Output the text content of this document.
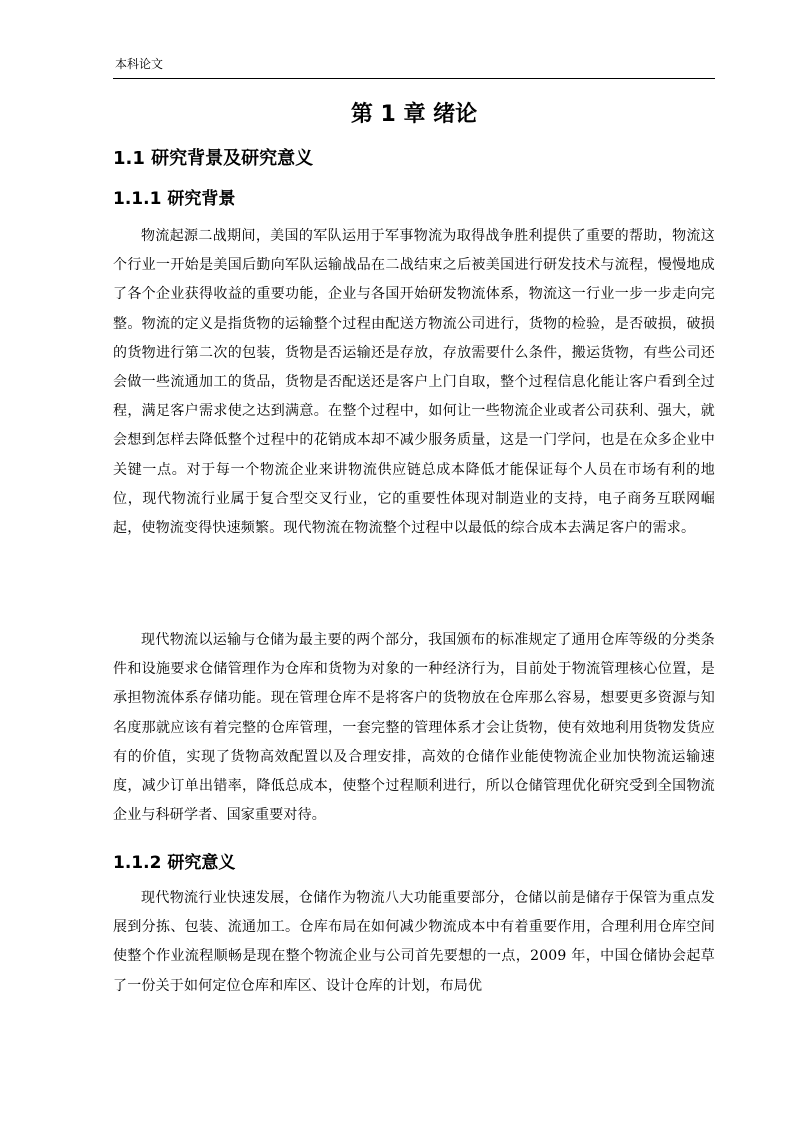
本科论文
第 1 章 绪论
1.1 研究背景及研究意义
1.1.1 研究背景

物流起源二战期间，美国的军队运用于军事物流为取得战争胜利提供了重要的帮助，物流这个行业一开始是美国后勤向军队运输战品在二战结束之后被美国进行研发技术与流程，慢慢地成了各个企业获得收益的重要功能，企业与各国开始研发物流体系，物流这一行业一步一步走向完整。物流的定义是指货物的运输整个过程由配送方物流公司进行，货物的检验，是否破损，破损的货物进行第二次的包装，货物是否运输还是存放，存放需要什么条件，搬运货物，有些公司还会做一些流通加工的货品，货物是否配送还是客户上门自取，整个过程信息化能让客户看到全过程，满足客户需求使之达到满意。在整个过程中，如何让一些物流企业或者公司获利、强大，就会想到怎样去降低整个过程中的花销成本却不减少服务质量，这是一门学问，也是在众多企业中关键一点。对于每一个物流企业来讲物流供应链总成本降低才能保证每个人员在市场有利的地位，现代物流行业属于复合型交叉行业，它的重要性体现对制造业的支持，电子商务互联网崛起，使物流变得快速频繁。现代物流在物流整个过程中以最低的综合成本去满足客户的需求。

现代物流以运输与仓储为最主要的两个部分，我国颁布的标准规定了通用仓库等级的分类条件和设施要求仓储管理作为仓库和货物为对象的一种经济行为，目前处于物流管理核心位置，是承担物流体系存储功能。现在管理仓库不是将客户的货物放在仓库那么容易，想要更多资源与知名度那就应该有着完整的仓库管理，一套完整的管理体系才会让货物，使有效地利用货物发货应有的价值，实现了货物高效配置以及合理安排，高效的仓储作业能使物流企业加快物流运输速度，减少订单出错率，降低总成本，使整个过程顺利进行，所以仓储管理优化研究受到全国物流企业与科研学者、国家重要对待。

1.1.2 研究意义

现代物流行业快速发展，仓储作为物流八大功能重要部分，仓储以前是储存于保管为重点发展到分拣、包装、流通加工。仓库布局在如何减少物流成本中有着重要作用，合理利用仓库空间使整个作业流程顺畅是现在整个物流企业与公司首先要想的一点，2009 年，中国仓储协会起草了一份关于如何定位仓库和库区、设计仓库的计划，布局优
